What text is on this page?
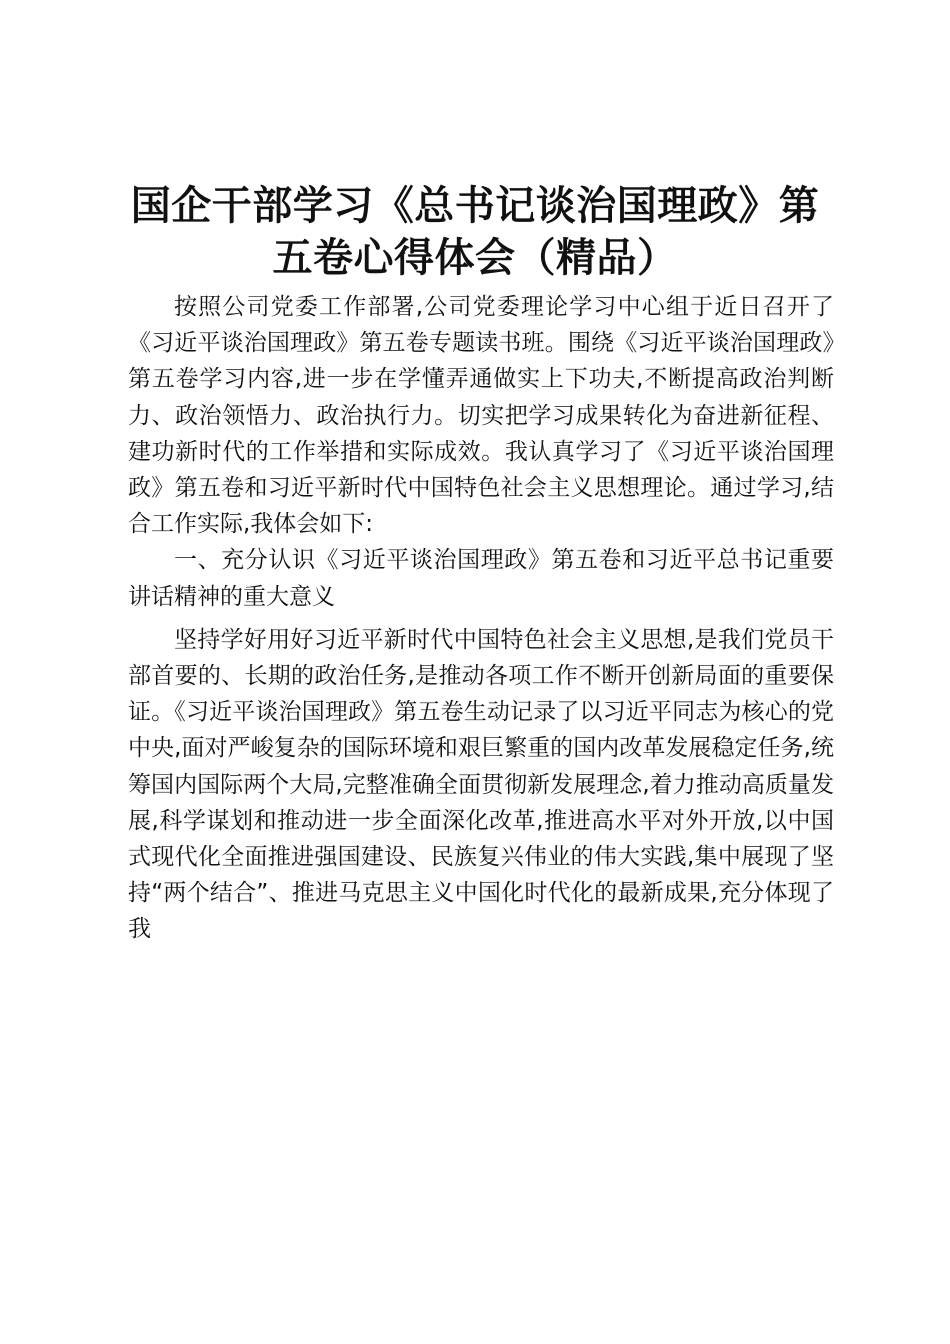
国企干部学习《总书记谈治国理政》第
五卷心得体会（精品）

按照公司党委工作部署,公司党委理论学习中心组于近日召开了《习近平谈治国理政》第五卷专题读书班。围绕《习近平谈治国理政》第五卷学习内容,进一步在学懂弄通做实上下功夫,不断提高政治判断力、政治领悟力、政治执行力。切实把学习成果转化为奋进新征程、建功新时代的工作举措和实际成效。我认真学习了《习近平谈治国理政》第五卷和习近平新时代中国特色社会主义思想理论。通过学习,结合工作实际,我体会如下:

一、充分认识《习近平谈治国理政》第五卷和习近平总书记重要讲话精神的重大意义

坚持学好用好习近平新时代中国特色社会主义思想,是我们党员干部首要的、长期的政治任务,是推动各项工作不断开创新局面的重要保证。《习近平谈治国理政》第五卷生动记录了以习近平同志为核心的党中央,面对严峻复杂的国际环境和艰巨繁重的国内改革发展稳定任务,统筹国内国际两个大局,完整准确全面贯彻新发展理念,着力推动高质量发展,科学谋划和推动进一步全面深化改革,推进高水平对外开放,以中国式现代化全面推进强国建设、民族复兴伟业的伟大实践,集中展现了坚持“两个结合”、推进马克思主义中国化时代化的最新成果,充分体现了我
